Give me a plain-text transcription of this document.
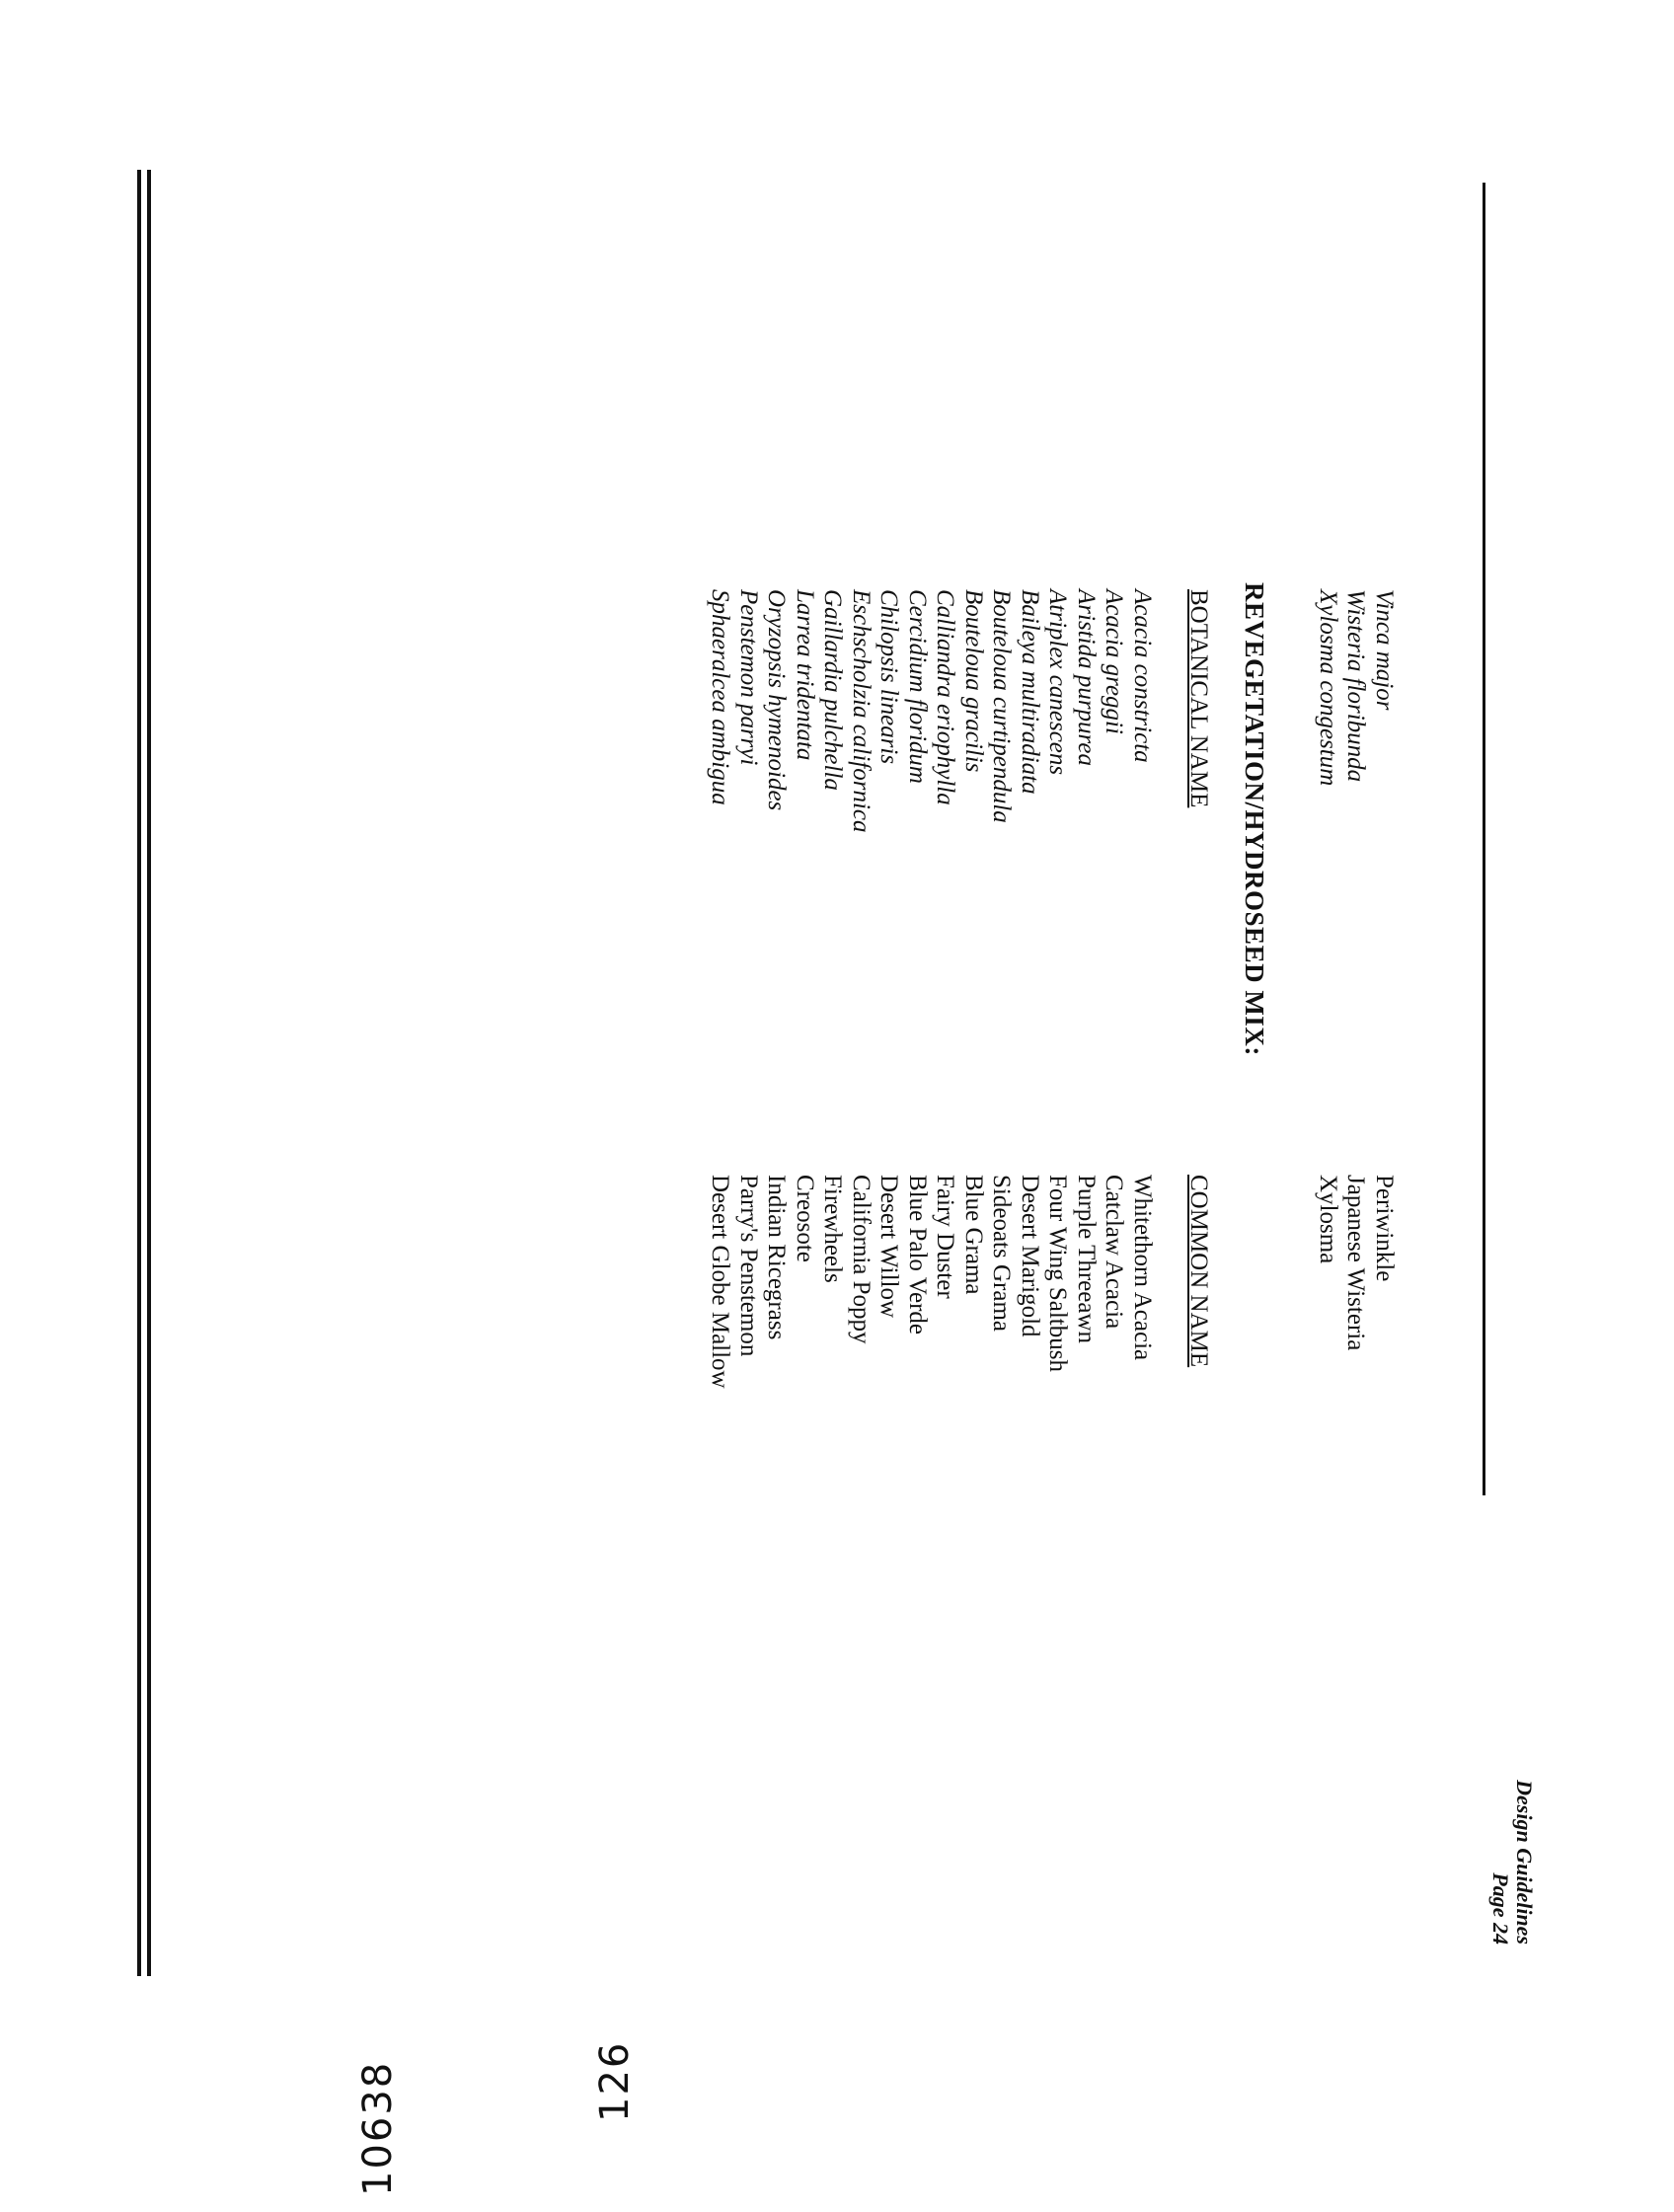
Design Guidelines
Page 24
Vinca major
Wisteria floribunda
Xylosma congestum
Periwinkle
Japanese Wisteria
Xylosma
REVEGETATION/HYDROSEED MIX:
BOTANICAL NAME
COMMON NAME
Acacia constricta
Acacia greggii
Aristida purpurea
Atriplex canescens
Baileya multiradiata
Bouteloua curtipendula
Bouteloua gracilis
Calliandra eriophylla
Cercidium floridum
Chilopsis linearis
Eschscholzia californica
Gaillardia pulchella
Larrea tridentata
Oryzopsis hymenoides
Penstemon parryi
Sphaeralcea ambigua
Whitethorn Acacia
Catclaw Acacia
Purple Threeawn
Four Wing Saltbush
Desert Marigold
Sideoats Grama
Blue Grama
Fairy Duster
Blue Palo Verde
Desert Willow
California Poppy
Firewheels
Creosote
Indian Ricegrass
Parry's Penstemon
Desert Globe Mallow
10638	126
